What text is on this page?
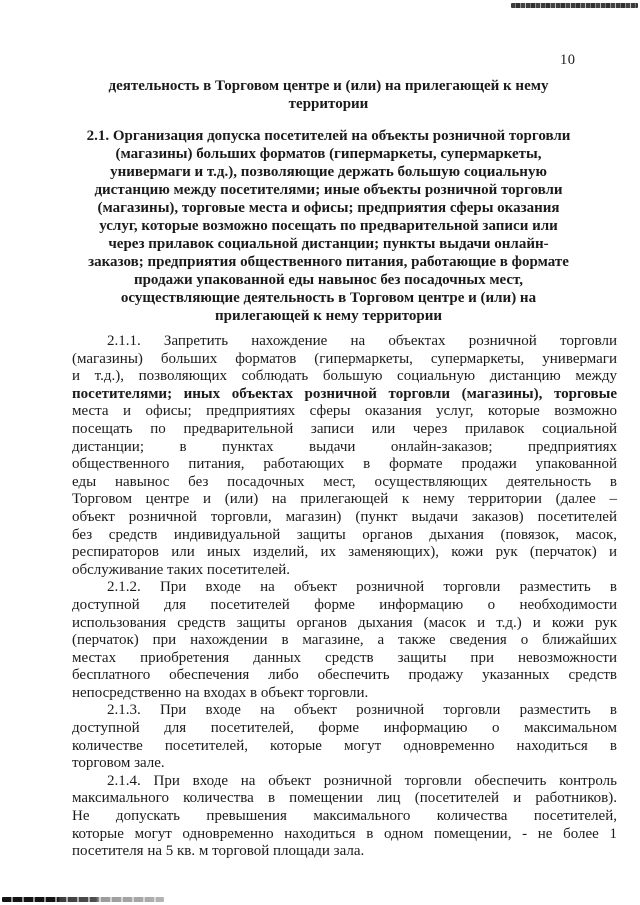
10
деятельность в Торговом центре и (или) на прилегающей к нему
территории
2.1. Организация допуска посетителей на объекты розничной торговли
(магазины) больших форматов (гипермаркеты, супермаркеты,
универмаги и т.д.), позволяющие держать большую социальную
дистанцию между посетителями; иные объекты розничной торговли
(магазины), торговые места и офисы; предприятия сферы оказания
услуг, которые возможно посещать по предварительной записи или
через прилавок социальной дистанции; пункты выдачи онлайн-
заказов; предприятия общественного питания, работающие в формате
продажи упакованной еды навынос без посадочных мест,
осуществляющие деятельность в Торговом центре и (или) на
прилегающей к нему территории
2.1.1. Запретить нахождение на объектах розничной торговли
(магазины) больших форматов (гипермаркеты, супермаркеты, универмаги
и т.д.), позволяющих соблюдать большую социальную дистанцию между
посетителями; иных объектах розничной торговли (магазины), торговые
места и офисы; предприятиях сферы оказания услуг, которые возможно
посещать по предварительной записи или через прилавок социальной
дистанции; в пунктах выдачи онлайн-заказов; предприятиях
общественного питания, работающих в формате продажи упакованной
еды навынос без посадочных мест, осуществляющих деятельность в
Торговом центре и (или) на прилегающей к нему территории (далее –
объект розничной торговли, магазин) (пункт выдачи заказов) посетителей
без средств индивидуальной защиты органов дыхания (повязок, масок,
респираторов или иных изделий, их заменяющих), кожи рук (перчаток) и
обслуживание таких посетителей.
2.1.2. При входе на объект розничной торговли разместить в
доступной для посетителей форме информацию о необходимости
использования средств защиты органов дыхания (масок и т.д.) и кожи рук
(перчаток) при нахождении в магазине, а также сведения о ближайших
местах приобретения данных средств защиты при невозможности
бесплатного обеспечения либо обеспечить продажу указанных средств
непосредственно на входах в объект торговли.
2.1.3. При входе на объект розничной торговли разместить в
доступной для посетителей, форме информацию о максимальном
количестве посетителей, которые могут одновременно находиться в
торговом зале.
2.1.4. При входе на объект розничной торговли обеспечить контроль
максимального количества в помещении лиц (посетителей и работников).
Не допускать превышения максимального количества посетителей,
которые могут одновременно находиться в одном помещении, - не более 1
посетителя на 5 кв. м торговой площади зала.
